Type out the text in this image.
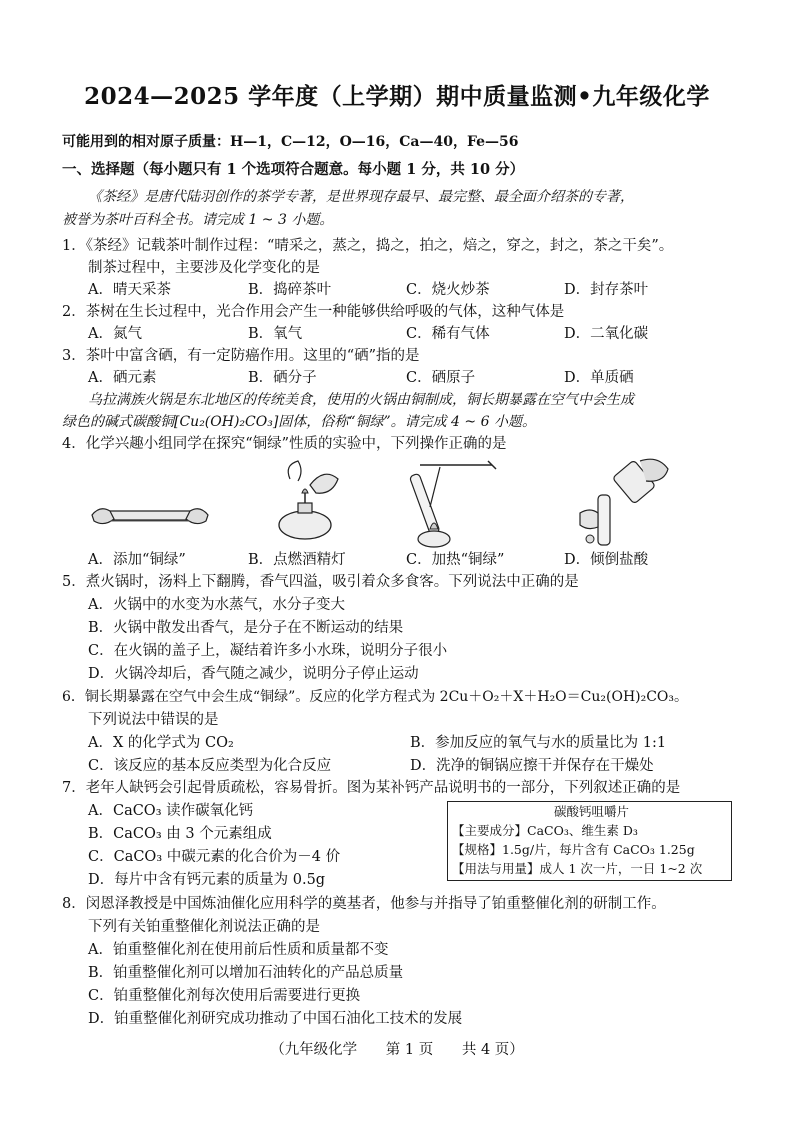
2024—2025 学年度（上学期）期中质量监测•九年级化学
可能用到的相对原子质量：H—1，C—12，O—16，Ca—40，Fe—56
一、选择题（每小题只有 1 个选项符合题意。每小题 1 分，共 10 分）
《茶经》是唐代陆羽创作的茶学专著，是世界现存最早、最完整、最全面介绍茶的专著，
被誉为茶叶百科全书。请完成 1 ~ 3 小题。
1．《茶经》记载茶叶制作过程：“晴采之，蒸之，捣之，拍之，焙之，穿之，封之，茶之干矣”。
制茶过程中，主要涉及化学变化的是
A．晴天采茶	B．捣碎茶叶	C．烧火炒茶	D．封存茶叶
2．茶树在生长过程中，光合作用会产生一种能够供给呼吸的气体，这种气体是
A．氮气	B．氧气	C．稀有气体	D．二氧化碳
3．茶叶中富含硒，有一定防癌作用。这里的“硒”指的是
A．硒元素	B．硒分子	C．硒原子	D．单质硒
乌拉满族火锅是东北地区的传统美食，使用的火锅由铜制成，铜长期暴露在空气中会生成
绿色的碱式碳酸铜[Cu₂(OH)₂CO₃]固体，俗称“铜绿”。请完成 4 ~ 6 小题。
4．化学兴趣小组同学在探究“铜绿”性质的实验中，下列操作正确的是
A．添加“铜绿”	B．点燃酒精灯	C．加热“铜绿”	D．倾倒盐酸
5．煮火锅时，汤料上下翻腾，香气四溢，吸引着众多食客。下列说法中正确的是
A．火锅中的水变为水蒸气，水分子变大
B．火锅中散发出香气，是分子在不断运动的结果
C．在火锅的盖子上，凝结着许多小水珠，说明分子很小
D．火锅冷却后，香气随之减少，说明分子停止运动
6．铜长期暴露在空气中会生成“铜绿”。反应的化学方程式为 2Cu＋O₂＋X＋H₂O＝Cu₂(OH)₂CO₃。
下列说法中错误的是
A．X 的化学式为 CO₂	B．参加反应的氧气与水的质量比为 1:1
C．该反应的基本反应类型为化合反应	D．洗净的铜锅应擦干并保存在干燥处
7．老年人缺钙会引起骨质疏松，容易骨折。图为某补钙产品说明书的一部分，下列叙述正确的是
A．CaCO₃ 读作碳氧化钙
B．CaCO₃ 由 3 个元素组成
C．CaCO₃ 中碳元素的化合价为－4 价
D．每片中含有钙元素的质量为 0.5g
碳酸钙咀嚼片
【主要成分】CaCO₃、维生素 D₃
【规格】1.5g/片，每片含有 CaCO₃ 1.25g
【用法与用量】成人 1 次一片，一日 1~2 次
8．闵恩泽教授是中国炼油催化应用科学的奠基者，他参与并指导了铂重整催化剂的研制工作。
下列有关铂重整催化剂说法正确的是
A．铂重整催化剂在使用前后性质和质量都不变
B．铂重整催化剂可以增加石油转化的产品总质量
C．铂重整催化剂每次使用后需要进行更换
D．铂重整催化剂研究成功推动了中国石油化工技术的发展
（九年级化学 第 1 页 共 4 页）
